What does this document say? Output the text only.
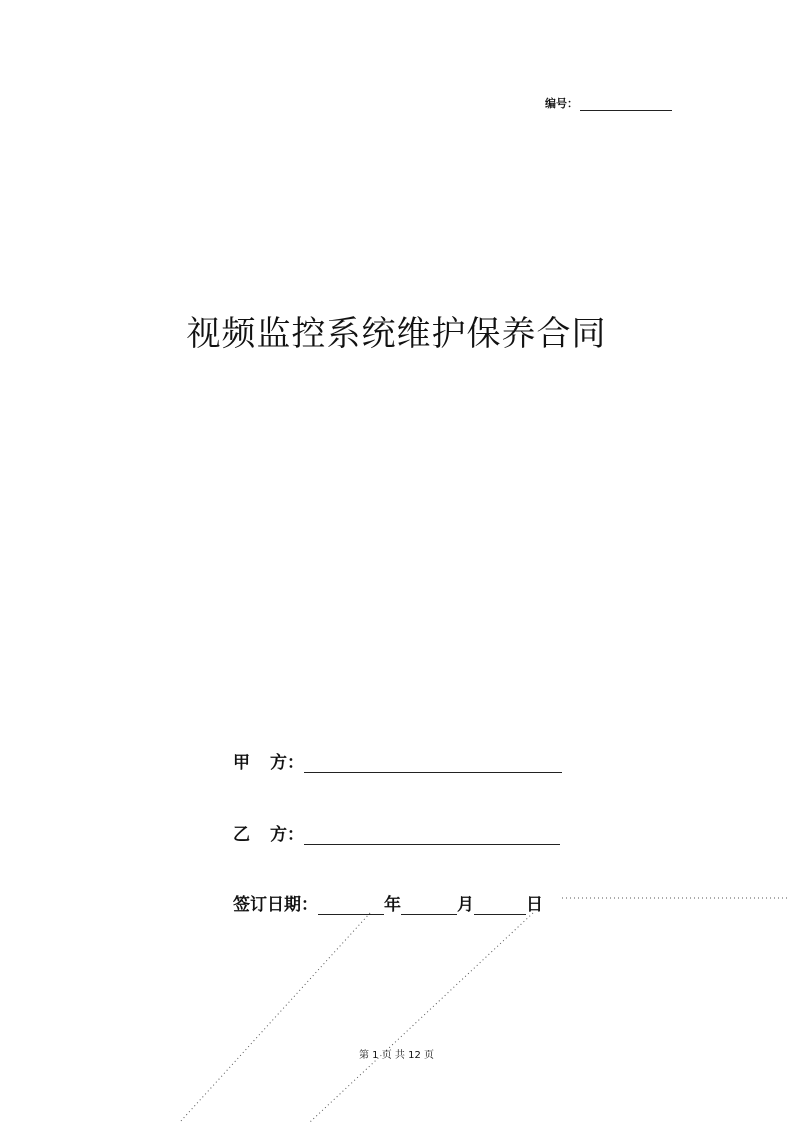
编号：
视频监控系统维护保养合同
甲 方：
乙 方：
签订日期：	年	月	日
第 1 页 共 12 页
